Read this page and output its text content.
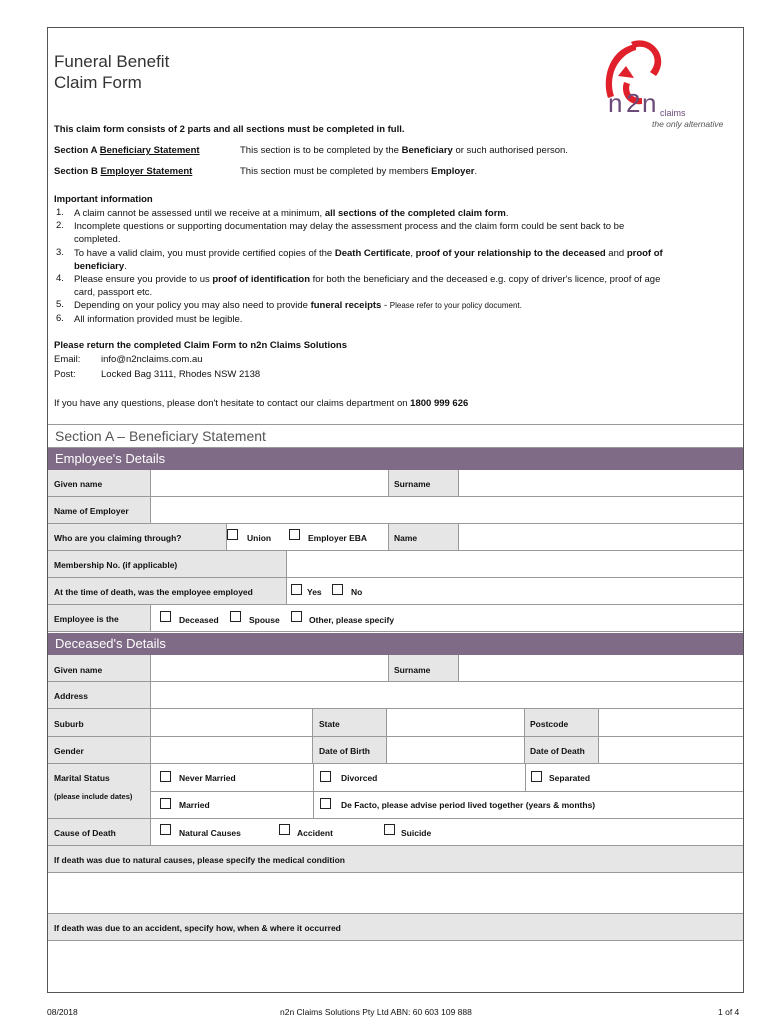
Funeral Benefit
Claim Form
n 2 n claims
the only alternative
This claim form consists of 2 parts and all sections must be completed in full.
Section A Beneficiary Statement	This section is to be completed by the Beneficiary or such authorised person.
Section B Employer Statement	This section must be completed by members Employer.
Important information
1.	A claim cannot be assessed until we receive at a minimum, all sections of the completed claim form.
2.	Incomplete questions or supporting documentation may delay the assessment process and the claim form could be sent back to be
completed.
3.	To have a valid claim, you must provide certified copies of the Death Certificate, proof of your relationship to the deceased and proof of
beneficiary.
4.	Please ensure you provide to us proof of identification for both the beneficiary and the deceased e.g. copy of driver's licence, proof of age
card, passport etc.
5.	Depending on your policy you may also need to provide funeral receipts - Please refer to your policy document.
6.	All information provided must be legible.
Please return the completed Claim Form to n2n Claims Solutions
Email: info@n2nclaims.com.au
Post:	Locked Bag 3111, Rhodes NSW 2138
If you have any questions, please don't hesitate to contact our claims department on 1800 999 626
Section A – Beneficiary Statement
Employee's Details
Given name	Surname
Name of Employer
Who are you claiming through?	Union	Employer EBA	Name
Membership No. (if applicable)
At the time of death, was the employee employed	Yes	No
Employee is the	Deceased	Spouse	Other, please specify
Deceased's Details
Given name	Surname
Address
Suburb	State	Postcode
Gender	Date of Birth	Date of Death
Marital Status
(please include dates)
Never Married	Divorced	Separated
Married	De Facto, please advise period lived together (years & months)
Cause of Death	Natural Causes	Accident	Suicide
If death was due to natural causes, please specify the medical condition
If death was due to an accident, specify how, when & where it occurred
08/2018	n2n Claims Solutions Pty Ltd ABN: 60 603 109 888	1 of 4
